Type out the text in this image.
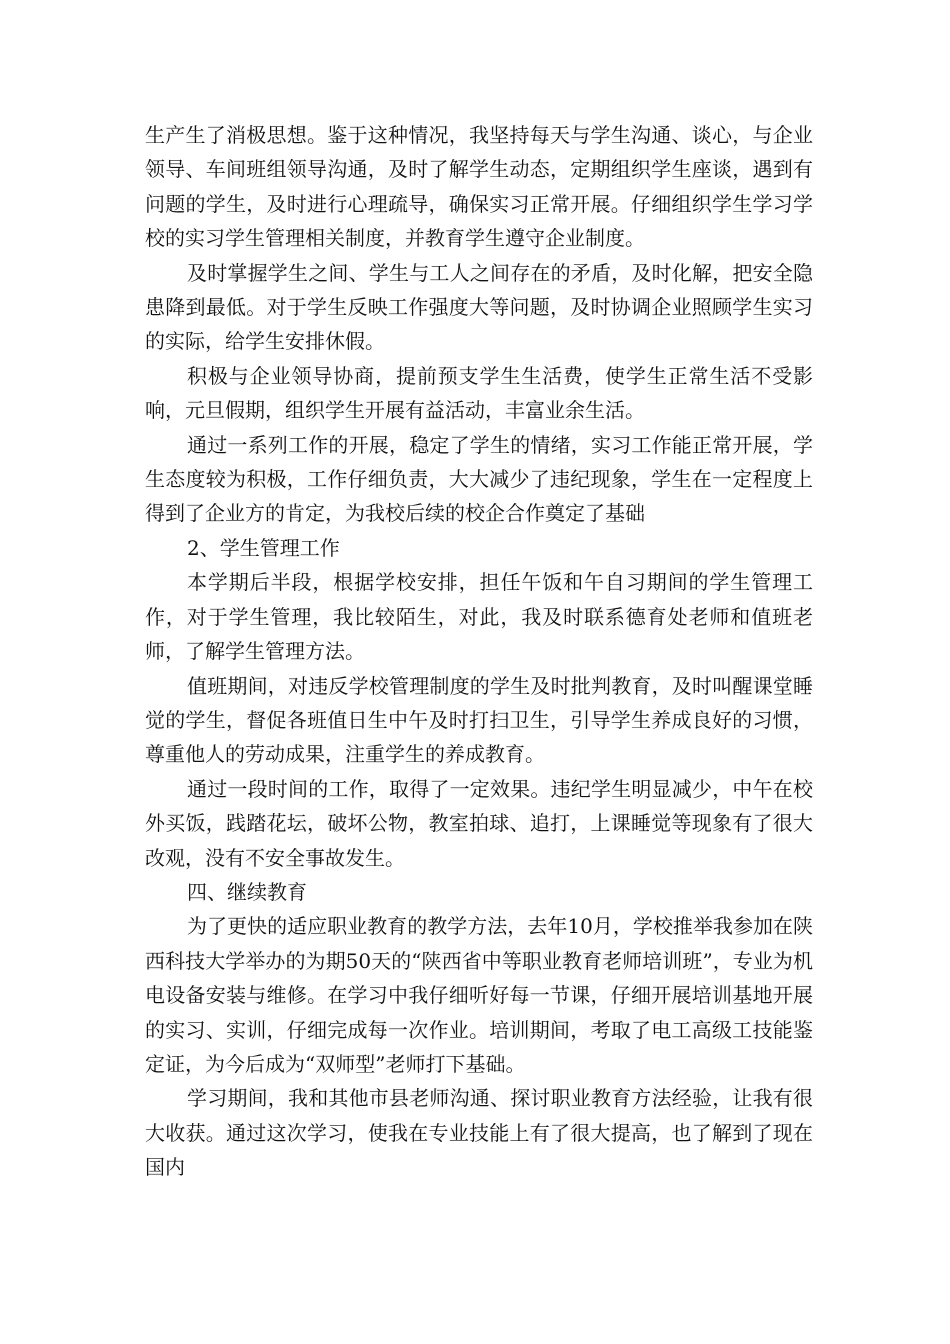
生产生了消极思想。鉴于这种情况，我坚持每天与学生沟通、谈心，与企业领导、车间班组领导沟通，及时了解学生动态，定期组织学生座谈，遇到有问题的学生，及时进行心理疏导，确保实习正常开展。仔细组织学生学习学校的实习学生管理相关制度，并教育学生遵守企业制度。

及时掌握学生之间、学生与工人之间存在的矛盾，及时化解，把安全隐患降到最低。对于学生反映工作强度大等问题，及时协调企业照顾学生实习的实际，给学生安排休假。

积极与企业领导协商，提前预支学生生活费，使学生正常生活不受影响，元旦假期，组织学生开展有益活动，丰富业余生活。

通过一系列工作的开展，稳定了学生的情绪，实习工作能正常开展，学生态度较为积极，工作仔细负责，大大减少了违纪现象，学生在一定程度上得到了企业方的肯定，为我校后续的校企合作奠定了基础

2、学生管理工作

本学期后半段，根据学校安排，担任午饭和午自习期间的学生管理工作，对于学生管理，我比较陌生，对此，我及时联系德育处老师和值班老师，了解学生管理方法。

值班期间，对违反学校管理制度的学生及时批判教育，及时叫醒课堂睡觉的学生，督促各班值日生中午及时打扫卫生，引导学生养成良好的习惯，尊重他人的劳动成果，注重学生的养成教育。

通过一段时间的工作，取得了一定效果。违纪学生明显减少，中午在校外买饭，践踏花坛，破坏公物，教室拍球、追打，上课睡觉等现象有了很大改观，没有不安全事故发生。

四、继续教育

为了更快的适应职业教育的教学方法，去年10月，学校推举我参加在陕西科技大学举办的为期50天的“陕西省中等职业教育老师培训班”，专业为机电设备安装与维修。在学习中我仔细听好每一节课，仔细开展培训基地开展的实习、实训，仔细完成每一次作业。培训期间，考取了电工高级工技能鉴定证，为今后成为“双师型”老师打下基础。

学习期间，我和其他市县老师沟通、探讨职业教育方法经验，让我有很大收获。通过这次学习，使我在专业技能上有了很大提高，也了解到了现在国内
